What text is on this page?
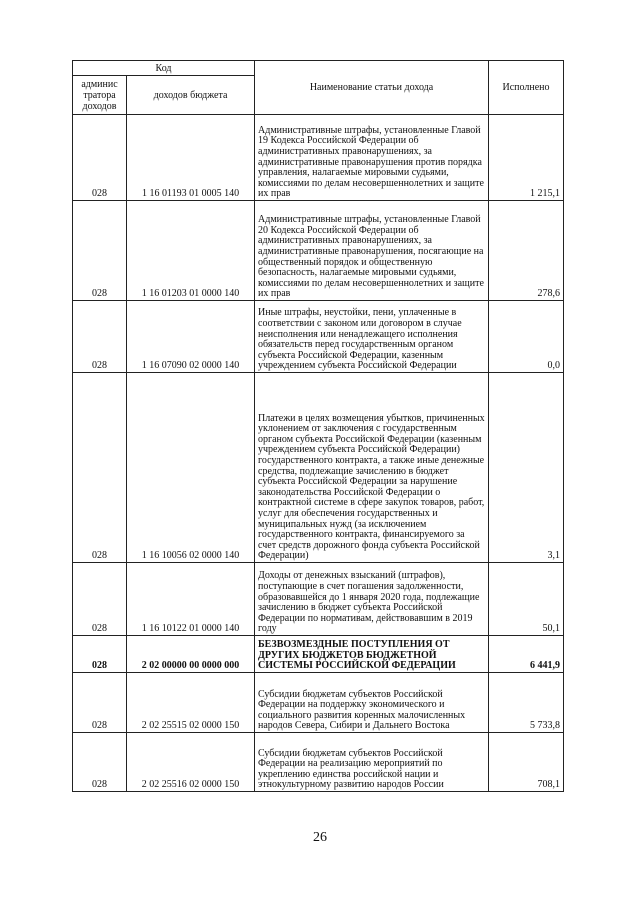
Код		Наименование статьи дохода	Исполнено
админис тратора доходов	доходов бюджета		
028	1 16 01193 01 0005 140	Административные штрафы, установленные Главой 19 Кодекса Российской Федерации об административных правонарушениях, за административные правонарушения против порядка управления, налагаемые мировыми судьями, комиссиями по делам несовершеннолетних и защите их прав	1 215,1
028	1 16 01203 01 0000 140	Административные штрафы, установленные Главой 20 Кодекса Российской Федерации об административных правонарушениях, за административные правонарушения, посягающие на общественный порядок и общественную безопасность, налагаемые мировыми судьями, комиссиями по делам несовершеннолетних и защите их прав	278,6
028	1 16 07090 02 0000 140	Иные штрафы, неустойки, пени, уплаченные в соответствии с законом или договором в случае неисполнения или ненадлежащего исполнения обязательств перед государственным органом субъекта Российской Федерации, казенным учреждением субъекта Российской Федерации	0,0
028	1 16 10056 02 0000 140	Платежи в целях возмещения убытков, причиненных уклонением от заключения с государственным органом субъекта Российской Федерации (казенным учреждением субъекта Российской Федерации) государственного контракта, а также иные денежные средства, подлежащие зачислению в бюджет субъекта Российской Федерации за нарушение законодательства Российской Федерации о контрактной системе в сфере закупок товаров, работ, услуг для обеспечения государственных и муниципальных нужд (за исключением государственного контракта, финансируемого за счет средств дорожного фонда субъекта Российской Федерации)	3,1
028	1 16 10122 01 0000 140	Доходы от денежных взысканий (штрафов), поступающие в счет погашения задолженности, образовавшейся до 1 января 2020 года, подлежащие зачислению в бюджет субъекта Российской Федерации по нормативам, действовавшим в 2019 году	50,1
028	2 02 00000 00 0000 000	БЕЗВОЗМЕЗДНЫЕ ПОСТУПЛЕНИЯ ОТ ДРУГИХ БЮДЖЕТОВ БЮДЖЕТНОЙ СИСТЕМЫ РОССИЙСКОЙ ФЕДЕРАЦИИ	6 441,9
028	2 02 25515 02 0000 150	Субсидии бюджетам субъектов Российской Федерации на поддержку экономического и социального развития коренных малочисленных народов Севера, Сибири и Дальнего Востока	5 733,8
028	2 02 25516 02 0000 150	Субсидии бюджетам субъектов Российской Федерации на реализацию мероприятий по укреплению единства российской нации и этнокультурному развитию народов России	708,1
26
